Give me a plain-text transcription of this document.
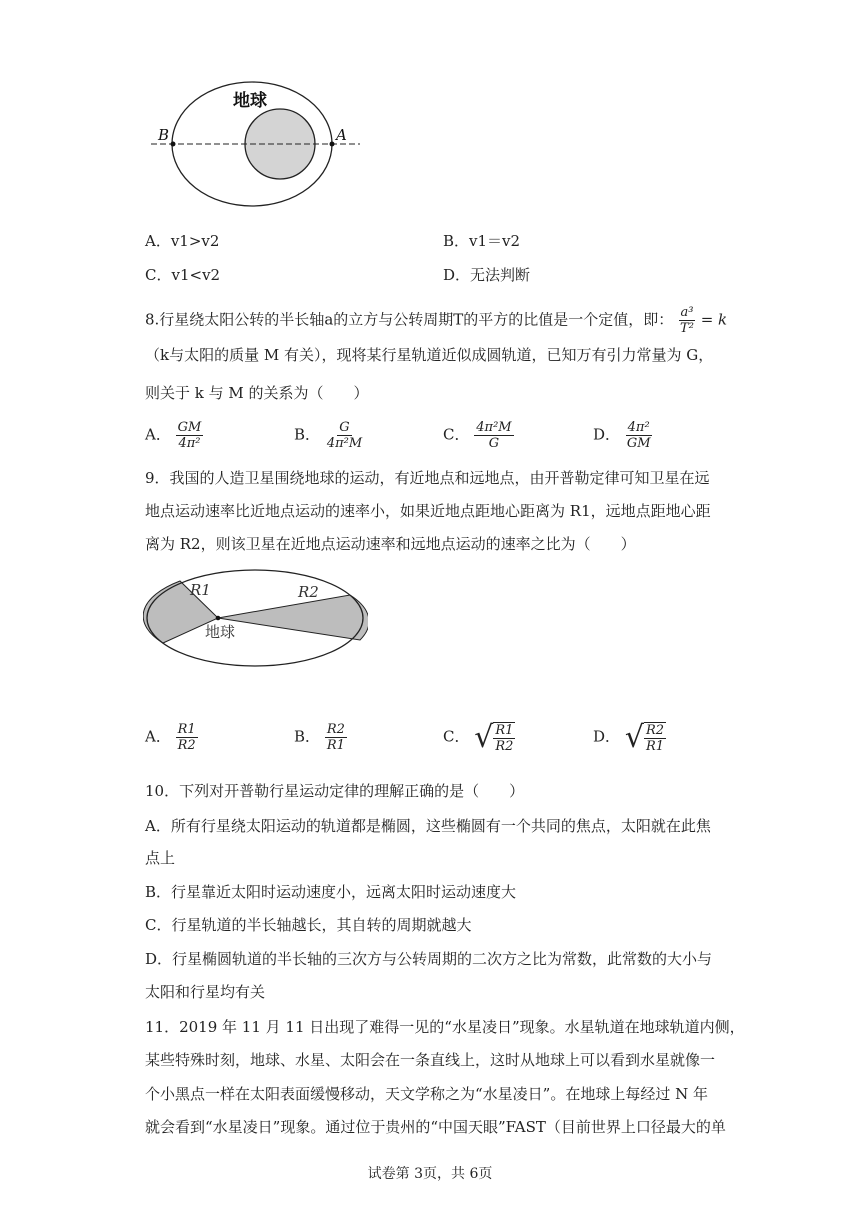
地球
B	A
A．v1>v2	B．v1＝v2
C．v1<v2	D．无法判断
8.行星绕太阳公转的半长轴a的立方与公转周期T的平方的比值是一个定值，即： $\frac{\text{a³}}{\text{T²}} = k$
（k与太阳的质量 M 有关），现将某行星轨道近似成圆轨道，已知万有引力常量为 G，
则关于 k 与 M 的关系为（　　）
A． $\frac{GM}{\text{4π²}}$	B． $\frac{G}{\text{4π²M}}$	C． $\frac{\text{4π²M}}{G}$	D． $\frac{\text{4π²}}{GM}$
9．我国的人造卫星围绕地球的运动，有近地点和远地点，由开普勒定律可知卫星在远
地点运动速率比近地点运动的速率小，如果近地点距地心距离为 R1，远地点距地心距
离为 R2，则该卫星在近地点运动速率和远地点运动的速率之比为（　　）
R1	R2
地球
A． $\frac{R1}{R2}$	B． $\frac{R2}{R1}$	C． √ $\frac{R1}{R2}$	D． √ $\frac{R2}{R1}$
10．下列对开普勒行星运动定律的理解正确的是（　　）
A．所有行星绕太阳运动的轨道都是椭圆，这些椭圆有一个共同的焦点，太阳就在此焦
点上
B．行星靠近太阳时运动速度小，远离太阳时运动速度大
C．行星轨道的半长轴越长，其自转的周期就越大
D．行星椭圆轨道的半长轴的三次方与公转周期的二次方之比为常数，此常数的大小与
太阳和行星均有关
11．2019 年 11 月 11 日出现了难得一见的“水星凌日”现象。水星轨道在地球轨道内侧，
某些特殊时刻，地球、水星、太阳会在一条直线上，这时从地球上可以看到水星就像一
个小黑点一样在太阳表面缓慢移动，天文学称之为“水星凌日”。在地球上每经过 N 年
就会看到“水星凌日”现象。通过位于贵州的“中国天眼”FAST（目前世界上口径最大的单
试卷第 3页，共 6页
